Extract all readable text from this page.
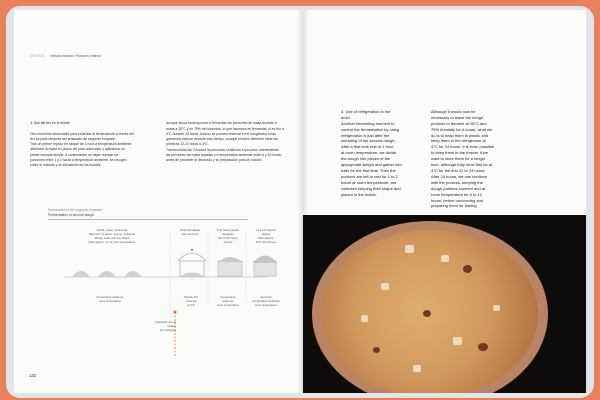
METHOD método romano / Roman's method

3. Uso del frío en el molde
Otro momento interesante para controlar la fermentación a través del frío es justo después del amasado del segundo empaste.
Tras un primer reposo en bloque de 1 hora a temperatura ambiente, dividimos la masa en pesos del peso adecuado y aplicamos un primer boleado simple. A continuación se dejan reposar las porciones entre 1 y 2 horas a temperatura ambiente, se recogen sobre sí mismas y se introducen en los moldes.

Aunque ahora tocaría poner a fermentar las porciones de masa durante 6 horas a 28°C y un 75% de humedad, lo que hacemos es fermentar, si es frío a 4°C durante 24 horas. Incluso se pueden reservar en el congelador si las queremos estocar durante más tiempo, aunque primero deberían estar las primeras 12-24 horas a 4°C.
Transcurridas las 24 horas la porciones continúan el proceso, manteniendo las porciones de masa tapadas y a temperatura ambiente entre 6 y 10 horas, antes de proceder al decorado y su preparación para la cocción.

Fermentación del segundo empaste
Fermentation of second dough
Dividir, pesar y boleomar
Reposar 1 h aprox. a temp. ambiente
Divide, scale and pre-shape
Rest approx. 1 h at room temperature
24 horas tapado
after 24 hours
6-10 horas tapado
desigado
after 6-10 hours
proved
12 a 20 minutos
tapado
After approx.
10 to 20 minutes
temperatura ambiente
room temperature
Tapado 4°C
Covered
at 4°C
temperatura
ambiente
room temperature
decorado
temperatura ambiente
room temperature
colocación de los
moldes
from shaping
132

3. Use of refrigeration in the
mold
Another interesting moment to
control the fermentation by using
refrigeration is just after the
kneading of the second dough.
After a first bulk rest of 1 hour
at room temperature, we divide
the dough into pieces of the
appropriate weight and gather into
balls for the first time. Then the
portions are left to rest for 1 to 2
hours at room temperature, are
collected keeping their shape and
placed in the molds.

Although it would now be
necessary to leave the dough
portions to ferment at 28°C and
75% humidity for 6 hours, what we
do is to wrap them in plastic and
keep them in the refrigerator at
4°C for 24 hours. It is even possible
to keep them in the freezer if we
want to store them for a longer
time, although they must first be at
4°C for the first 12 to 24 hours.
After 24 hours, we can continue
with the process, keeping the
dough portions covered and at
room temperature for 6 to 10
hours, before uncovering and
preparing them for baking.
